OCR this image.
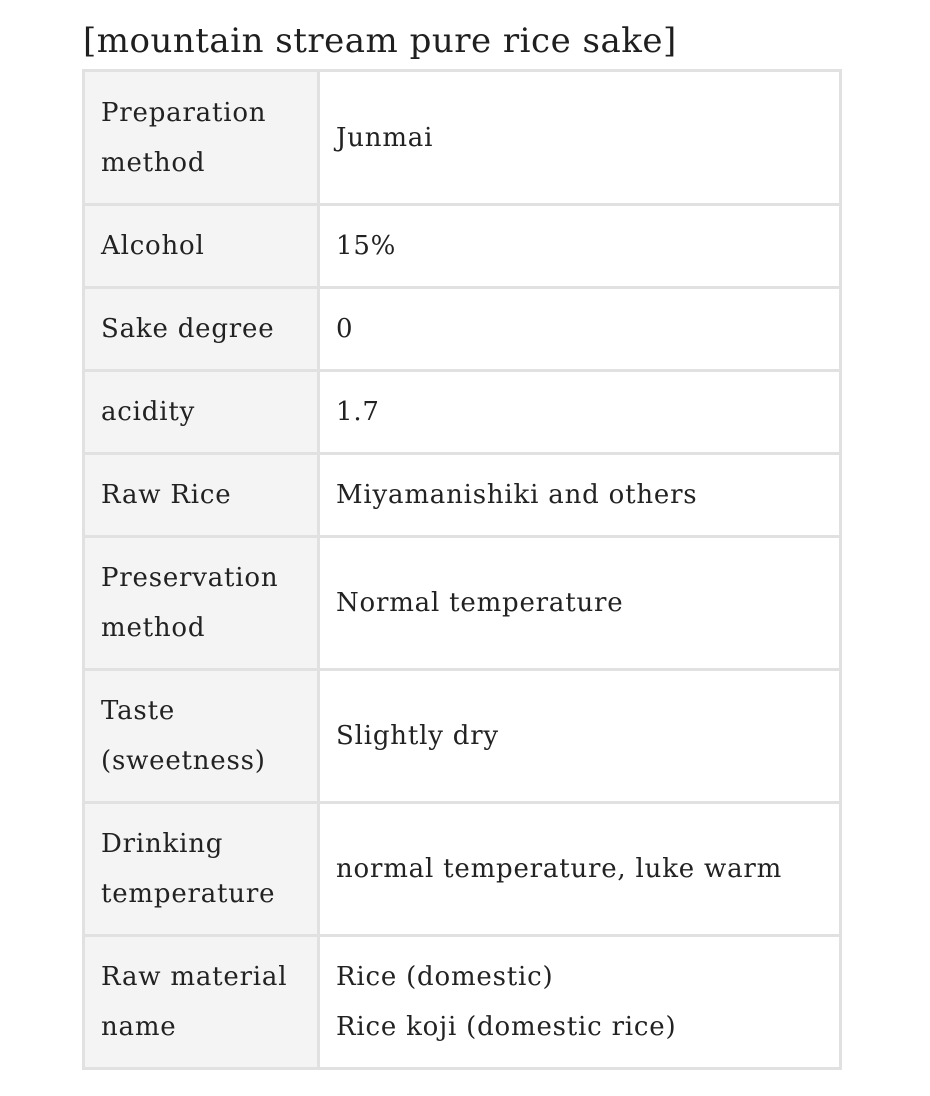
[mountain stream pure rice sake]
Preparation
method	Junmai

Alcohol	15%

Sake degree	0

acidity	1.7

Raw Rice	Miyamanishiki and others

Preservation
method	Normal temperature

Taste
(sweetness)	Slightly dry

Drinking
temperature	normal temperature, luke warm

Raw material
name	Rice (domestic)
Rice koji (domestic rice)
